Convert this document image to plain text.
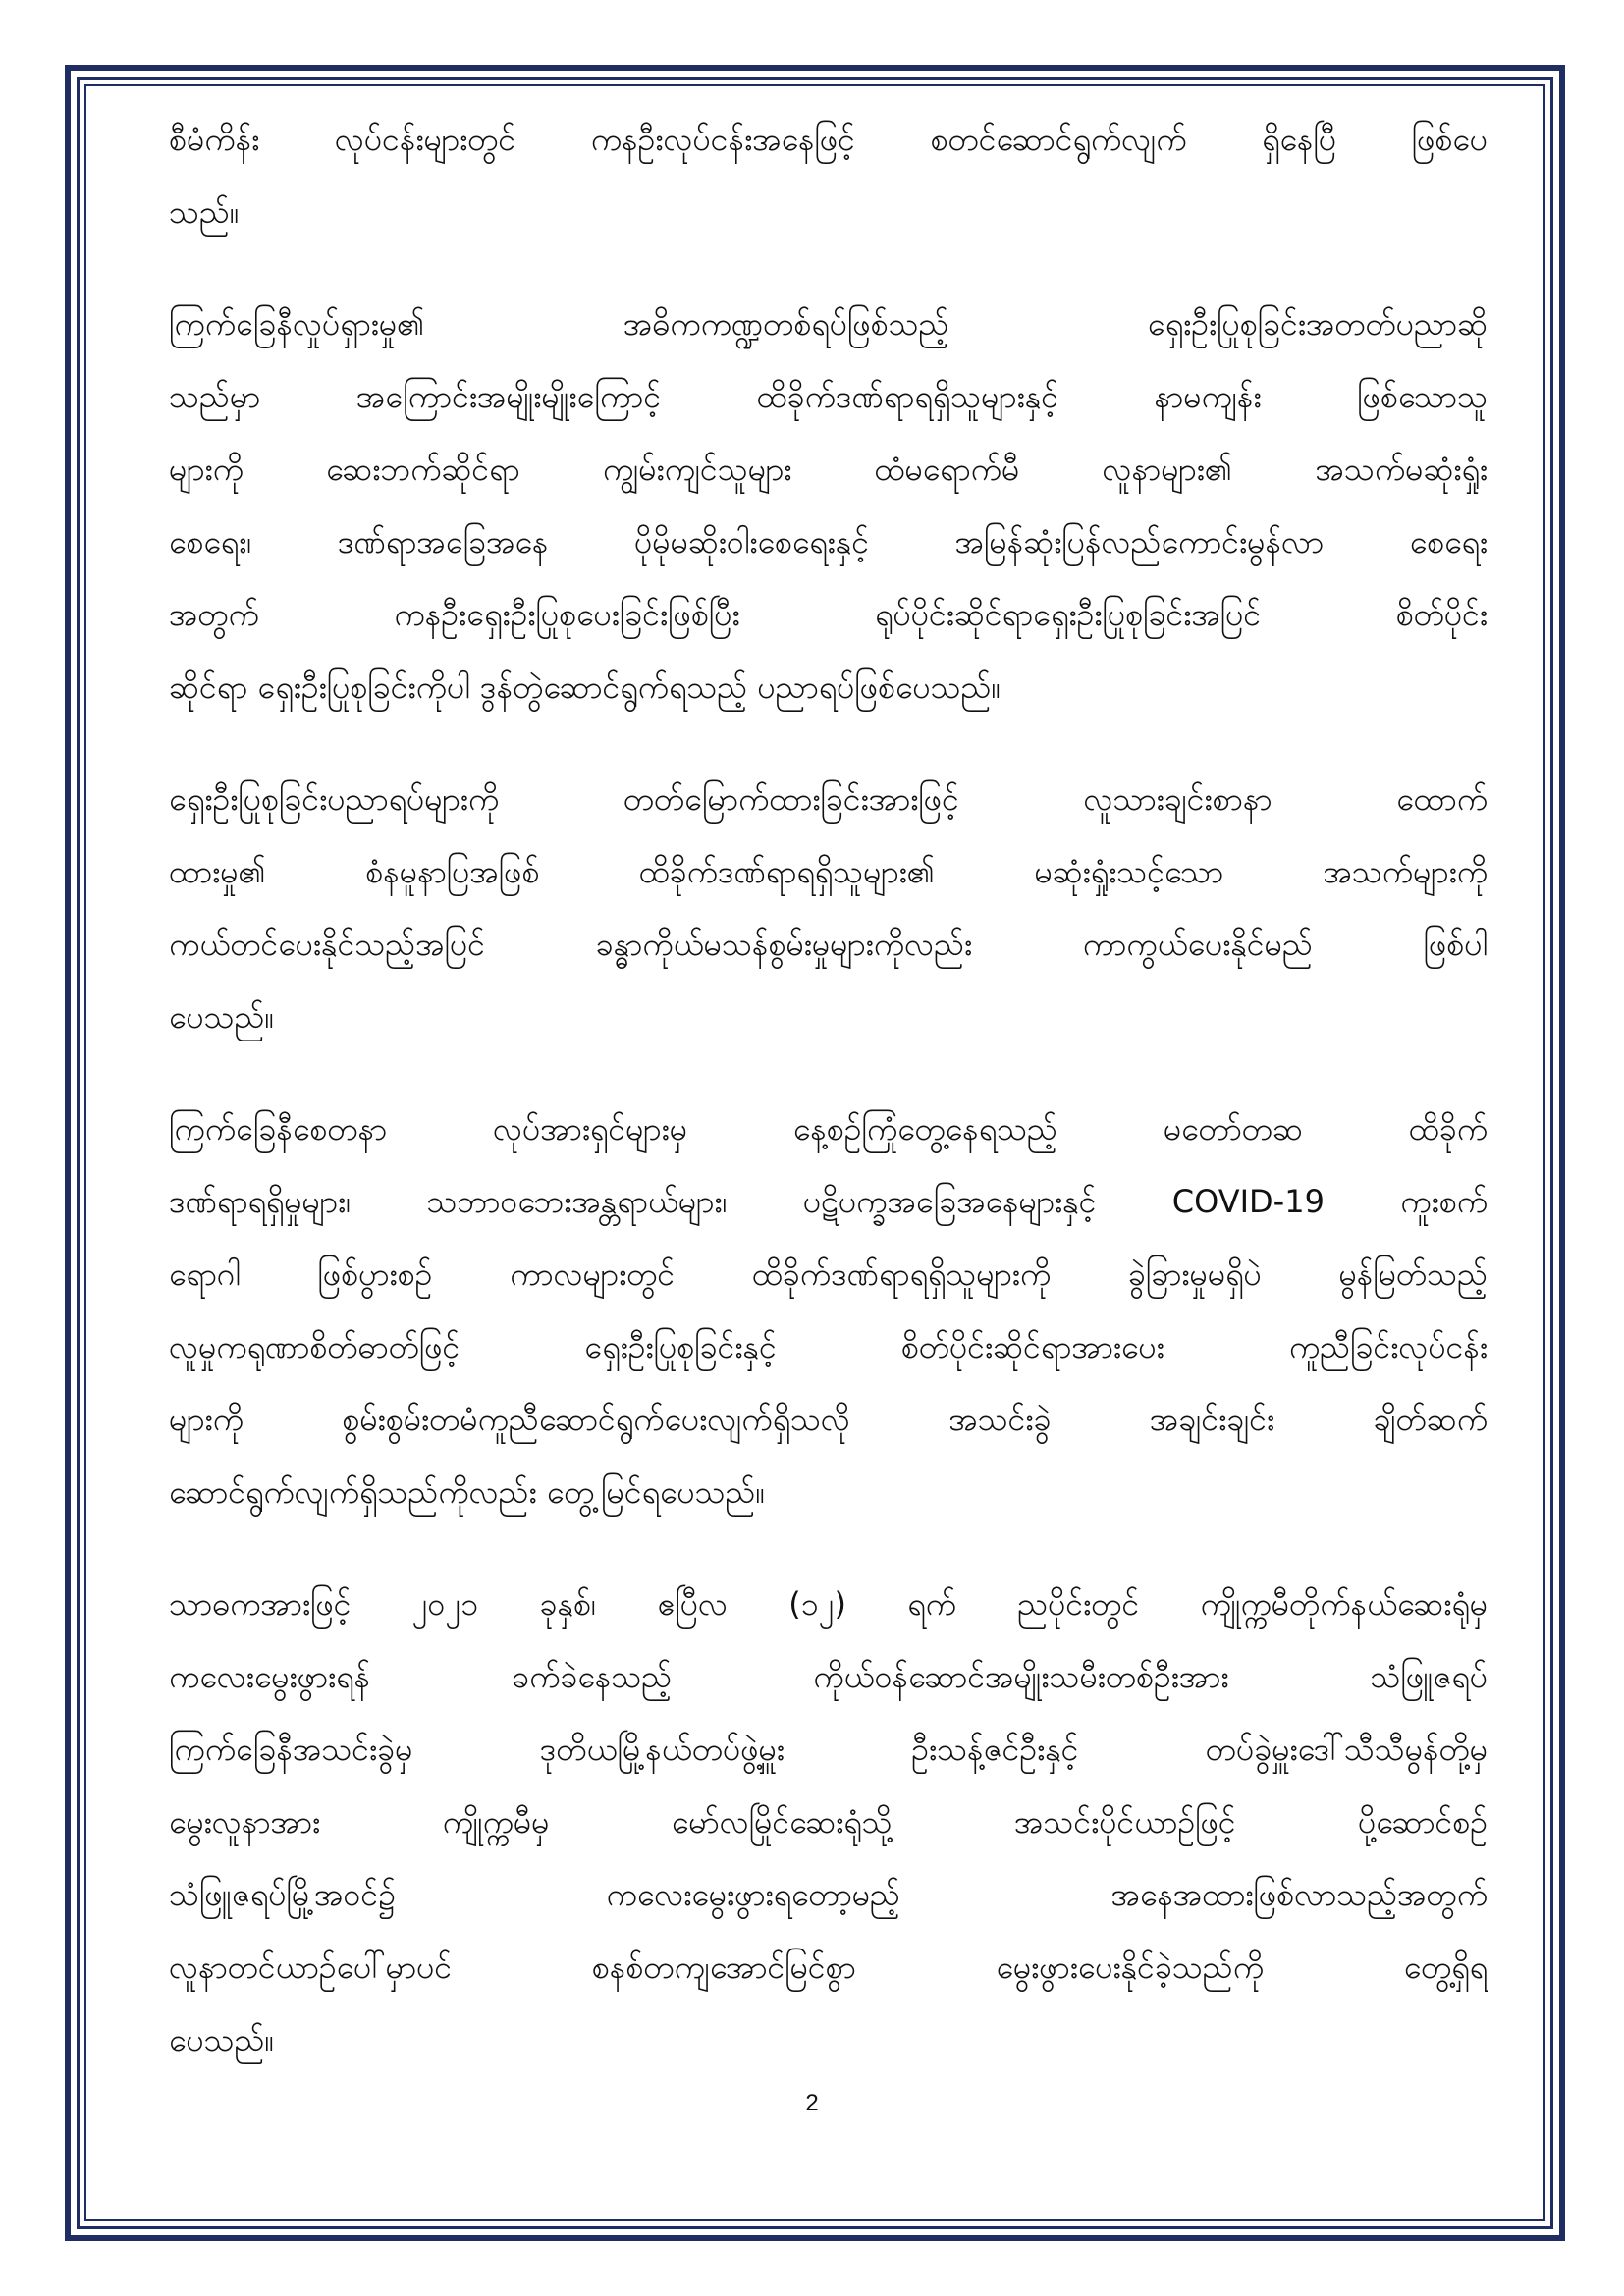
စီမံကိန်း လုပ်ငန်းများတွင် ကနဦးလုပ်ငန်းအနေဖြင့် စတင်ဆောင်ရွက်လျက် ရှိနေပြီ ဖြစ်ပေ
သည်။

ကြက်ခြေနီလှုပ်ရှားမှု၏ အဓိကကဏ္ဍတစ်ရပ်ဖြစ်သည့် ရှေးဦးပြုစုခြင်းအတတ်ပညာဆို
သည်မှာ အကြောင်းအမျိုးမျိုးကြောင့် ထိခိုက်ဒဏ်ရာရရှိသူများနှင့် နာမကျန်း ဖြစ်သောသူ
များကို ဆေးဘက်ဆိုင်ရာ ကျွမ်းကျင်သူများ ထံမရောက်မီ လူနာများ၏ အသက်မဆုံးရှုံး
စေရေး၊ ဒဏ်ရာအခြေအနေ ပိုမိုမဆိုးဝါးစေရေးနှင့် အမြန်ဆုံးပြန်လည်ကောင်းမွန်လာ စေရေး
အတွက် ကနဦးရှေးဦးပြုစုပေးခြင်းဖြစ်ပြီး ရုပ်ပိုင်းဆိုင်ရာရှေးဦးပြုစုခြင်းအပြင် စိတ်ပိုင်း
ဆိုင်ရာ ရှေးဦးပြုစုခြင်းကိုပါ ဒွန်တွဲဆောင်ရွက်ရသည့် ပညာရပ်ဖြစ်ပေသည်။

ရှေးဦးပြုစုခြင်းပညာရပ်များကို တတ်မြောက်ထားခြင်းအားဖြင့် လူသားချင်းစာနာ ထောက်
ထားမှု၏ စံနမူနာပြအဖြစ် ထိခိုက်ဒဏ်ရာရရှိသူများ၏ မဆုံးရှုံးသင့်သော အသက်များကို
ကယ်တင်ပေးနိုင်သည့်အပြင် ခန္ဓာကိုယ်မသန်စွမ်းမှုများကိုလည်း ကာကွယ်ပေးနိုင်မည် ဖြစ်ပါ
ပေသည်။

ကြက်ခြေနီစေတနာ လုပ်အားရှင်များမှ နေ့စဉ်ကြုံတွေ့နေရသည့် မတော်တဆ ထိခိုက်
ဒဏ်ရာရရှိမှုများ၊ သဘာဝဘေးအန္တရာယ်များ၊ ပဋိပက္ခအခြေအနေများနှင့် COVID-19 ကူးစက်
ရောဂါ ဖြစ်ပွားစဉ် ကာလများတွင် ထိခိုက်ဒဏ်ရာရရှိသူများကို ခွဲခြားမှုမရှိပဲ မွန်မြတ်သည့်
လူမှုကရုဏာစိတ်ဓာတ်ဖြင့် ရှေးဦးပြုစုခြင်းနှင့် စိတ်ပိုင်းဆိုင်ရာအားပေး ကူညီခြင်းလုပ်ငန်း
များကို စွမ်းစွမ်းတမံကူညီဆောင်ရွက်ပေးလျက်ရှိသလို အသင်းခွဲ အချင်းချင်း ချိတ်ဆက်
ဆောင်ရွက်လျက်ရှိသည်ကိုလည်း တွေ့မြင်ရပေသည်။

သာဓကအားဖြင့် ၂၀၂၁ ခုနှစ်၊ ဧပြီလ (၁၂) ရက် ညပိုင်းတွင် ကျိုက္ကမီတိုက်နယ်ဆေးရုံမှ
ကလေးမွေးဖွားရန် ခက်ခဲနေသည့် ကိုယ်ဝန်ဆောင်အမျိုးသမီးတစ်ဦးအား သံဖြူဇရပ်
ကြက်ခြေနီအသင်းခွဲမှ ဒုတိယမြို့နယ်တပ်ဖွဲ့မှူး ဦးသန့်ဇင်ဦးနှင့် တပ်ခွဲမှူးဒေါ်သီသီမွန်တို့မှ
မွေးလူနာအား ကျိုက္ကမီမှ မော်လမြိုင်ဆေးရုံသို့ အသင်းပိုင်ယာဉ်ဖြင့် ပို့ဆောင်စဉ်
သံဖြူဇရပ်မြို့အဝင်၌ ကလေးမွေးဖွားရတော့မည့် အနေအထားဖြစ်လာသည့်အတွက်
လူနာတင်ယာဉ်ပေါ်မှာပင် စနစ်တကျအောင်မြင်စွာ မွေးဖွားပေးနိုင်ခဲ့သည်ကို တွေ့ရှိရ
ပေသည်။

2
